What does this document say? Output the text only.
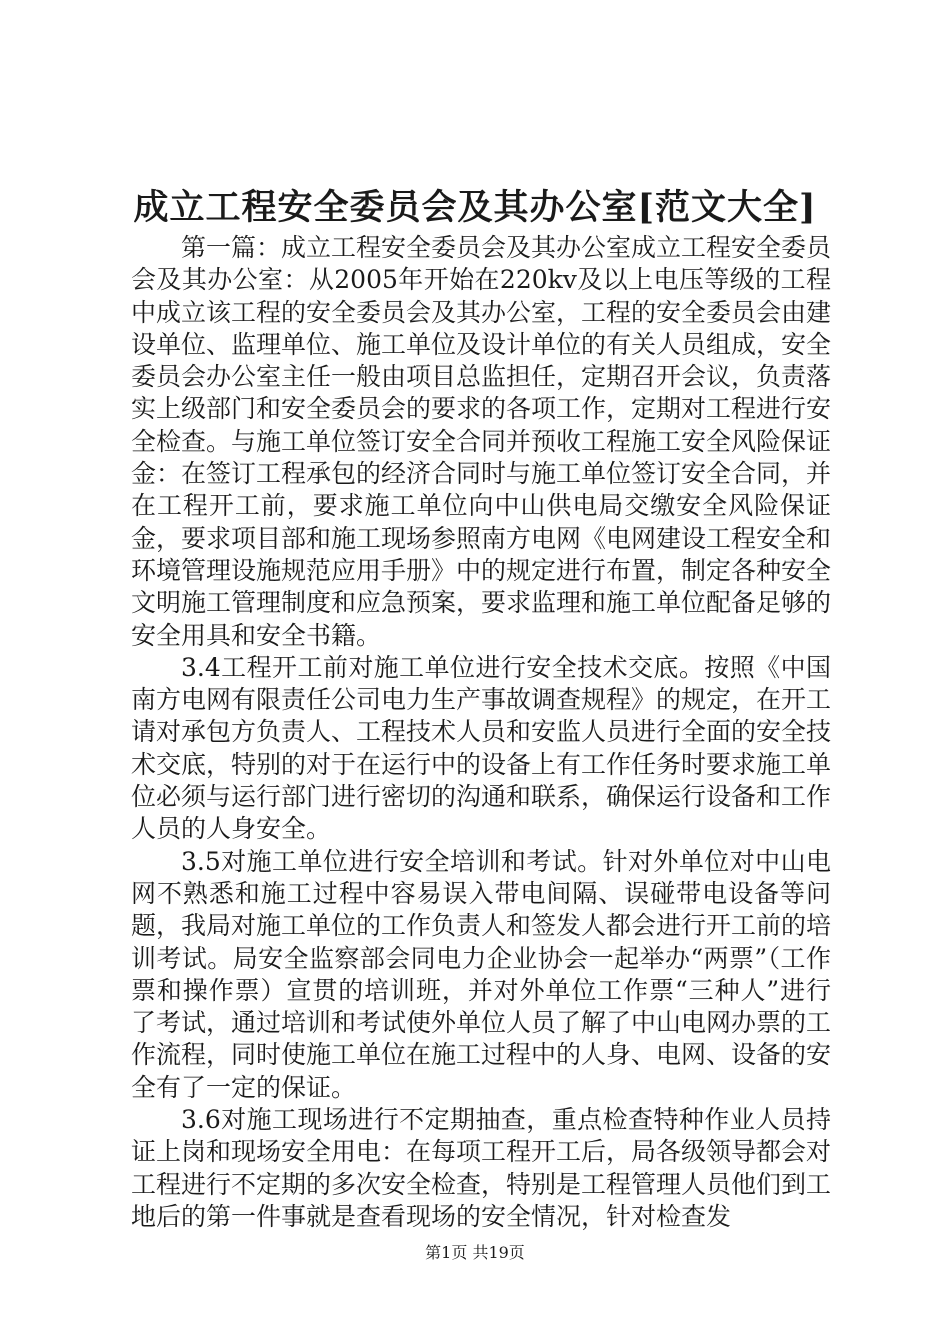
成立工程安全委员会及其办公室[范文大全]

第一篇：成立工程安全委员会及其办公室成立工程安全委员会及其办公室：从2005年开始在220kv及以上电压等级的工程中成立该工程的安全委员会及其办公室，工程的安全委员会由建设单位、监理单位、施工单位及设计单位的有关人员组成，安全委员会办公室主任一般由项目总监担任，定期召开会议，负责落实上级部门和安全委员会的要求的各项工作，定期对工程进行安全检查。与施工单位签订安全合同并预收工程施工安全风险保证金：在签订工程承包的经济合同时与施工单位签订安全合同，并在工程开工前，要求施工单位向中山供电局交缴安全风险保证金，要求项目部和施工现场参照南方电网《电网建设工程安全和环境管理设施规范应用手册》中的规定进行布置，制定各种安全文明施工管理制度和应急预案，要求监理和施工单位配备足够的安全用具和安全书籍。

3.4工程开工前对施工单位进行安全技术交底。按照《中国南方电网有限责任公司电力生产事故调查规程》的规定，在开工请对承包方负责人、工程技术人员和安监人员进行全面的安全技术交底，特别的对于在运行中的设备上有工作任务时要求施工单位必须与运行部门进行密切的沟通和联系，确保运行设备和工作人员的人身安全。

3.5对施工单位进行安全培训和考试。针对外单位对中山电网不熟悉和施工过程中容易误入带电间隔、误碰带电设备等问题，我局对施工单位的工作负责人和签发人都会进行开工前的培训考试。局安全监察部会同电力企业协会一起举办“两票”（工作票和操作票）宣贯的培训班，并对外单位工作票“三种人”进行了考试，通过培训和考试使外单位人员了解了中山电网办票的工作流程，同时使施工单位在施工过程中的人身、电网、设备的安全有了一定的保证。

3.6对施工现场进行不定期抽查，重点检查特种作业人员持证上岗和现场安全用电：在每项工程开工后，局各级领导都会对工程进行不定期的多次安全检查，特别是工程管理人员他们到工地后的第一件事就是查看现场的安全情况，针对检查发

第1页 共19页
